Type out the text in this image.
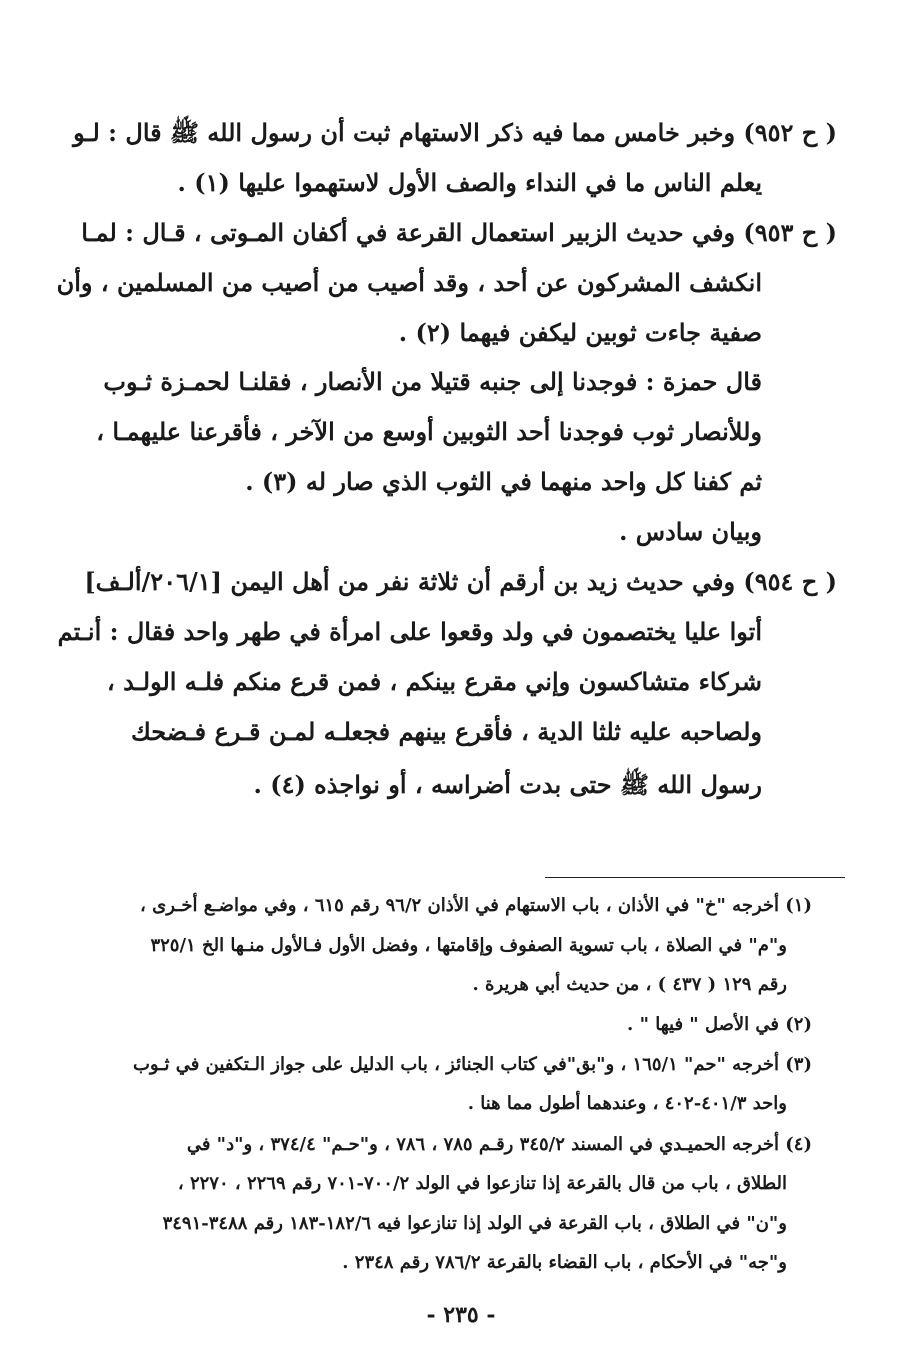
( ح ٩٥٢) وخبر خامس مما فيه ذكر الاستهام ثبت أن رسول الله ﷺ قال : لـو
يعلم الناس ما في النداء والصف الأول لاستهموا عليها (١) .
( ح ٩٥٣) وفي حديث الزبير استعمال القرعة في أكفان المـوتى ، قـال : لمـا
انكشف المشركون عن أحد ، وقد أصيب من أصيب من المسلمين ، وأن
صفية جاءت ثوبين ليكفن فيهما (٢) .
قال حمزة : فوجدنا إلى جنبه قتيلا من الأنصار ، فقلنـا لحمـزة ثـوب
وللأنصار ثوب فوجدنا أحد الثوبين أوسع من الآخر ، فأقرعنا عليهمـا ،
ثم كفنا كل واحد منهما في الثوب الذي صار له (٣) .
وبيان سادس .
( ح ٩٥٤) وفي حديث زيد بن أرقم أن ثلاثة نفر من أهل اليمن [٢٠٦/١/ألـف]
أتوا عليا يختصمون في ولد وقعوا على امرأة في طهر واحد فقال : أنـتم
شركاء متشاكسون وإني مقرع بينكم ، فمن قرع منكم فلـه الولـد ،
ولصاحبه عليه ثلثا الدية ، فأقرع بينهم فجعلـه لمـن قـرع فـضحك
رسول الله ﷺ حتى بدت أضراسه ، أو نواجذه (٤) .
(١) أخرجه "خ" في الأذان ، باب الاستهام في الأذان ٩٦/٢ رقم ٦١٥ ، وفي مواضـع أخـرى ،
و"م" في الصلاة ، باب تسوية الصفوف وإقامتها ، وفضل الأول فـالأول منـها الخ ٣٢٥/١
رقم ١٢٩ ( ٤٣٧ ) ، من حديث أبي هريرة .
(٢) في الأصل " فيها " .
(٣) أخرجه "حم" ١٦٥/١ ، و"بق"في كتاب الجنائز ، باب الدليل على جواز الـتكفين في ثـوب
واحد ٤٠١/٣-٤٠٢ ، وعندهما أطول مما هنا .
(٤) أخرجه الحميـدي في المسند ٣٤٥/٢ رقـم ٧٨٥ ، ٧٨٦ ، و"حـم" ٣٧٤/٤ ، و"د" في
الطلاق ، باب من قال بالقرعة إذا تنازعوا في الولد ٧٠٠/٢-٧٠١ رقم ٢٢٦٩ ، ٢٢٧٠ ،
و"ن" في الطلاق ، باب القرعة في الولد إذا تنازعوا فيه ١٨٢/٦-١٨٣ رقم ٣٤٨٨-٣٤٩١
و"جه" في الأحكام ، باب القضاء بالقرعة ٧٨٦/٢ رقم ٢٣٤٨ .
- ٢٣٥ -
